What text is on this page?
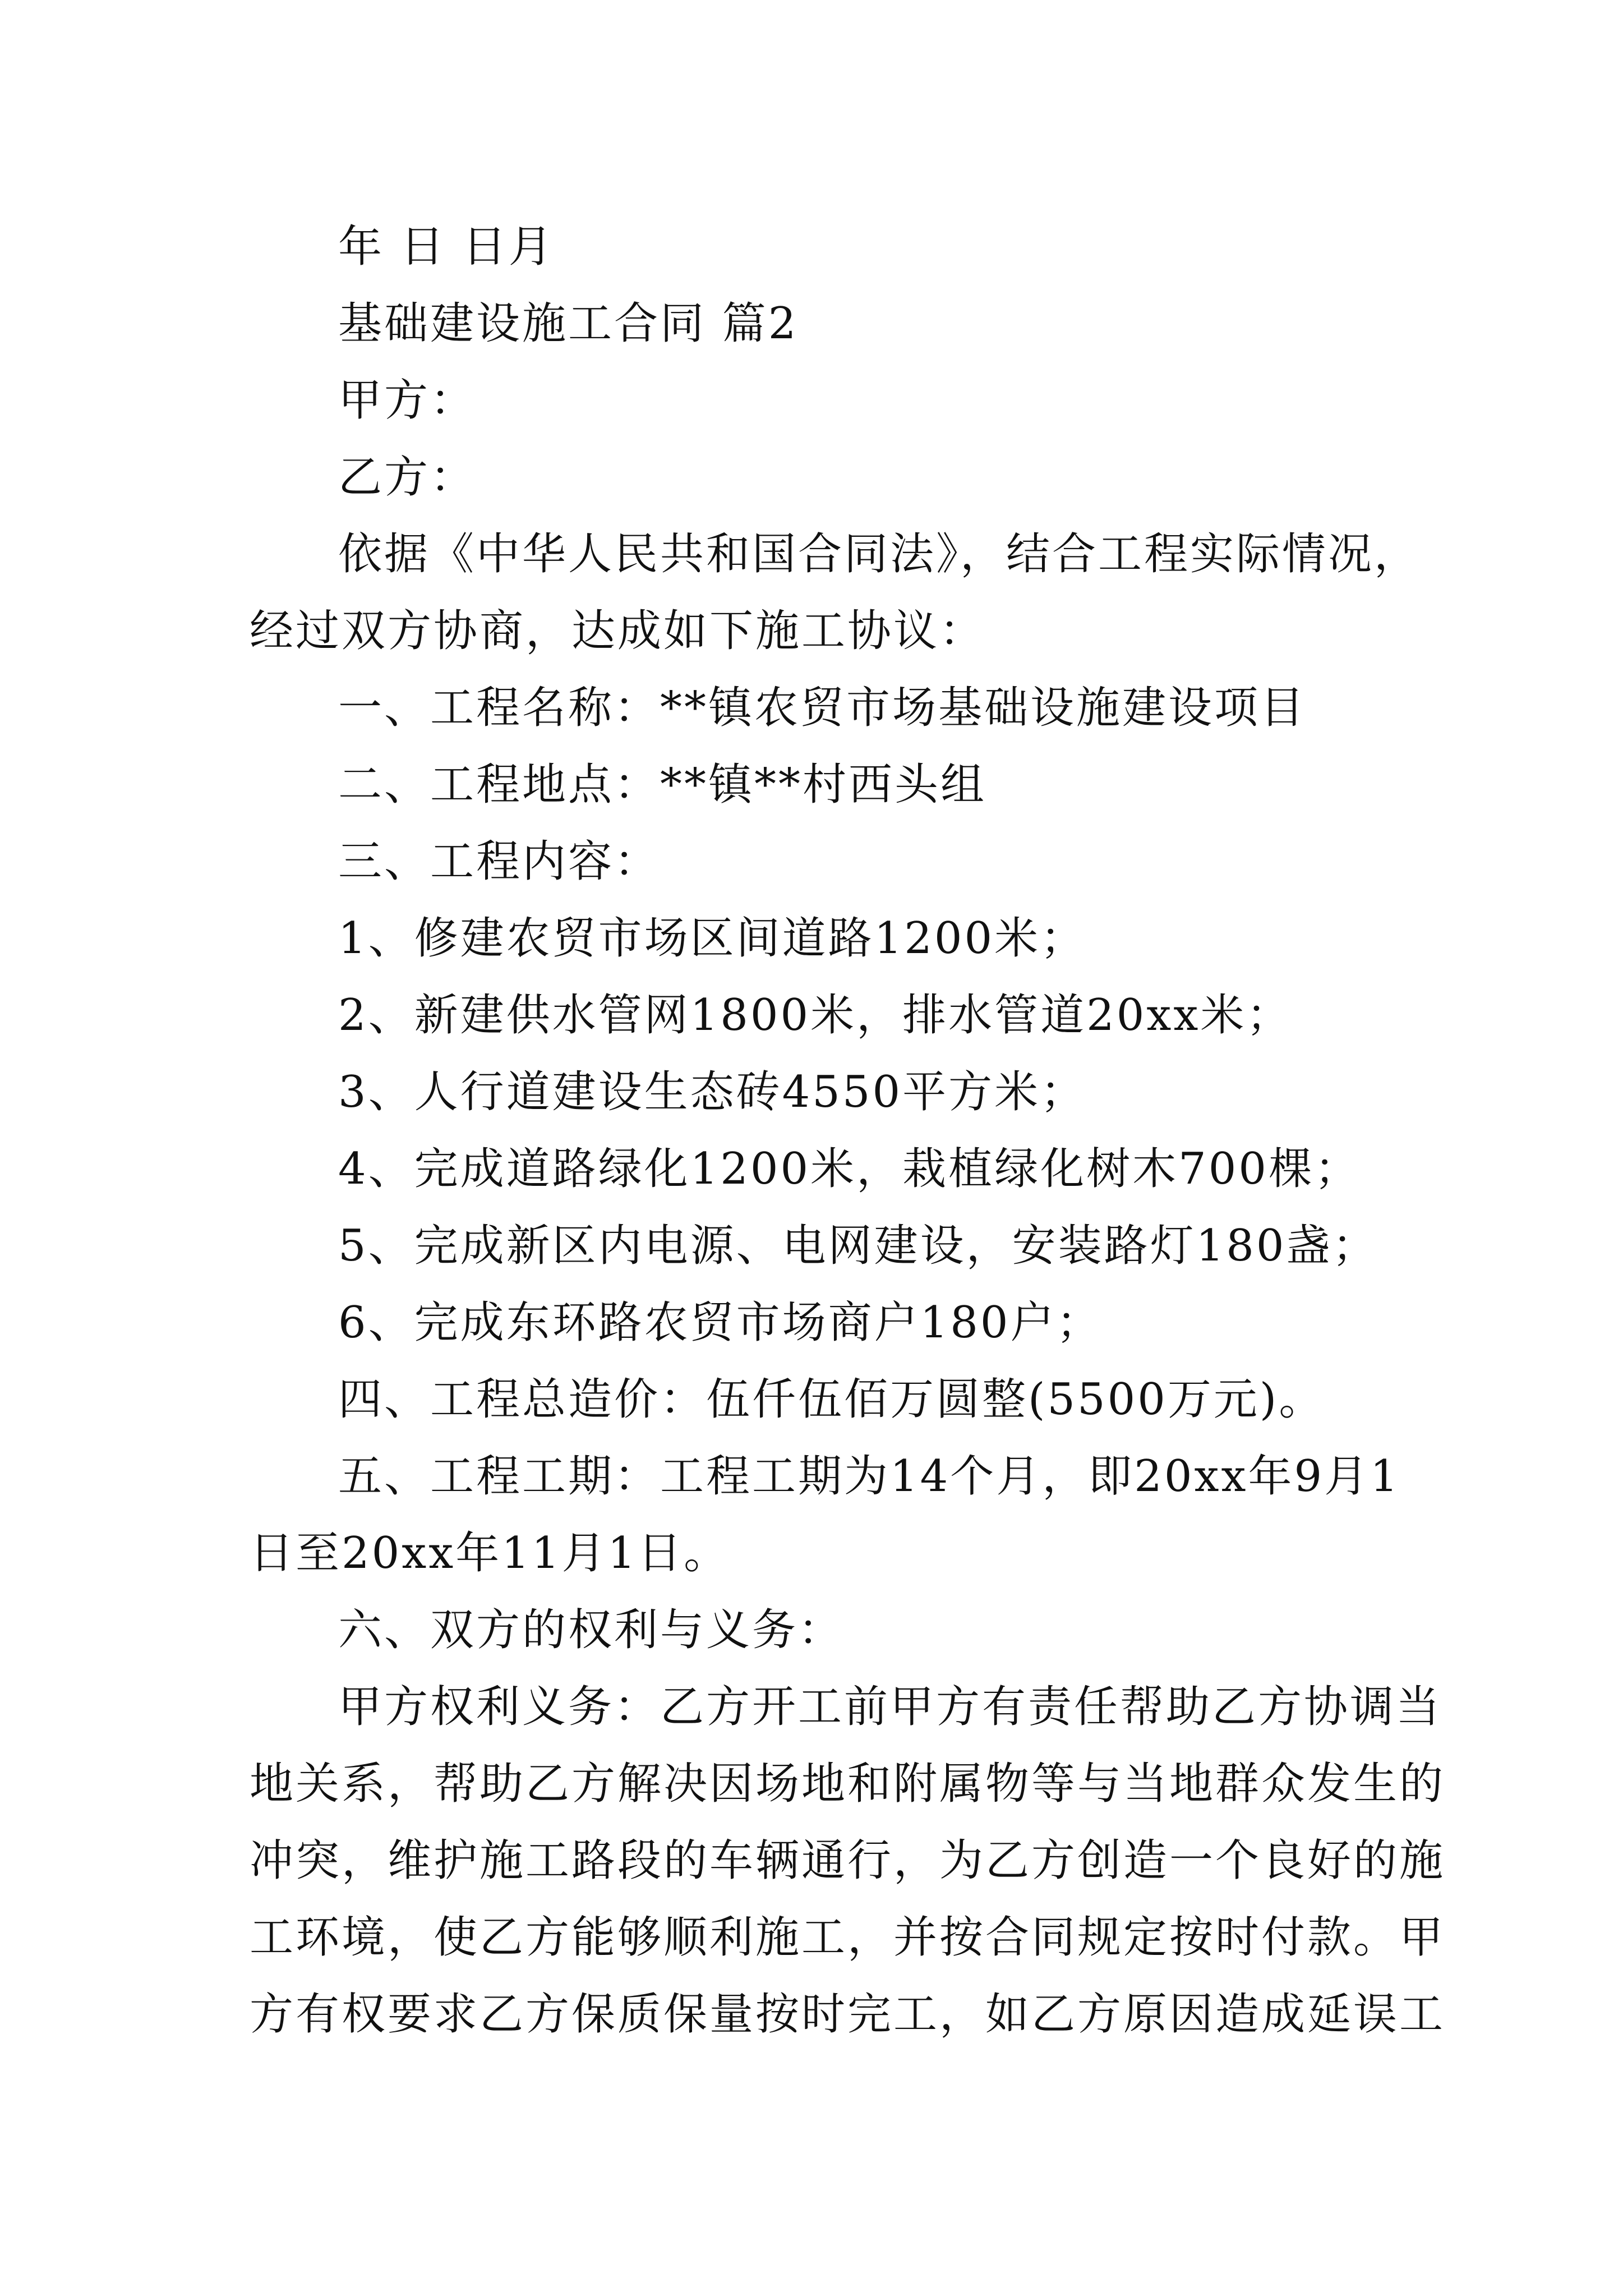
年 日 日月
基础建设施工合同 篇2
甲方：
乙方：
依据《中华人民共和国合同法》，结合工程实际情况，
经过双方协商，达成如下施工协议：
一、工程名称：**镇农贸市场基础设施建设项目
二、工程地点：**镇**村西头组
三、工程内容：
1、修建农贸市场区间道路1200米；
2、新建供水管网1800米，排水管道20xx米；
3、人行道建设生态砖4550平方米；
4、完成道路绿化1200米，栽植绿化树木700棵；
5、完成新区内电源、电网建设，安装路灯180盏；
6、完成东环路农贸市场商户180户；
四、工程总造价：伍仟伍佰万圆整(5500万元)。
五、工程工期：工程工期为14个月，即20xx年9月1
日至20xx年11月1日。
六、双方的权利与义务：
甲方权利义务：乙方开工前甲方有责任帮助乙方协调当
地关系，帮助乙方解决因场地和附属物等与当地群众发生的
冲突，维护施工路段的车辆通行，为乙方创造一个良好的施
工环境，使乙方能够顺利施工，并按合同规定按时付款。甲
方有权要求乙方保质保量按时完工，如乙方原因造成延误工
